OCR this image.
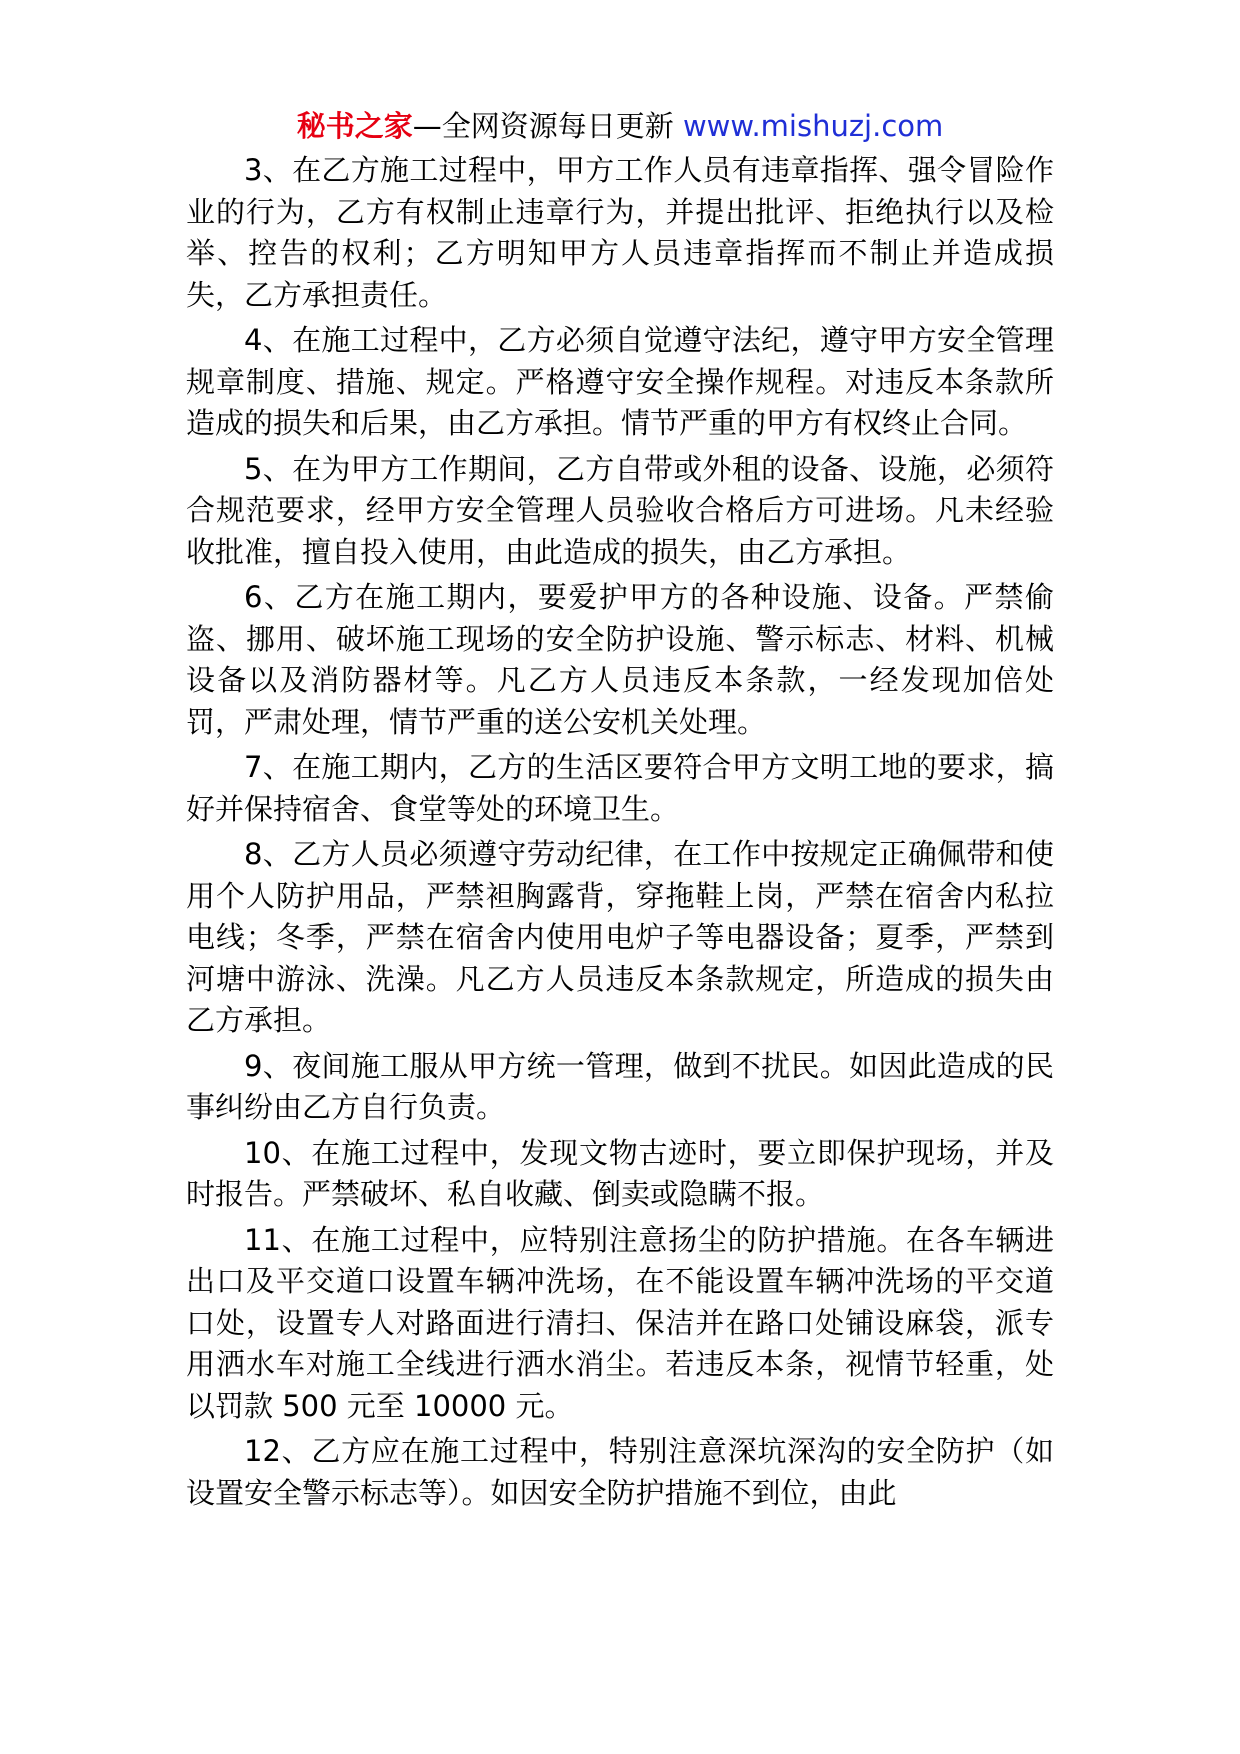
秘书之家—全网资源每日更新 www.mishuzj.com

3、在乙方施工过程中，甲方工作人员有违章指挥、强令冒险作业的行为，乙方有权制止违章行为，并提出批评、拒绝执行以及检举、控告的权利；乙方明知甲方人员违章指挥而不制止并造成损失，乙方承担责任。

4、在施工过程中，乙方必须自觉遵守法纪，遵守甲方安全管理规章制度、措施、规定。严格遵守安全操作规程。对违反本条款所造成的损失和后果，由乙方承担。情节严重的甲方有权终止合同。

5、在为甲方工作期间，乙方自带或外租的设备、设施，必须符合规范要求，经甲方安全管理人员验收合格后方可进场。凡未经验收批准，擅自投入使用，由此造成的损失，由乙方承担。

6、乙方在施工期内，要爱护甲方的各种设施、设备。严禁偷盗、挪用、破坏施工现场的安全防护设施、警示标志、材料、机械设备以及消防器材等。凡乙方人员违反本条款，一经发现加倍处罚，严肃处理，情节严重的送公安机关处理。

7、在施工期内，乙方的生活区要符合甲方文明工地的要求，搞好并保持宿舍、食堂等处的环境卫生。

8、乙方人员必须遵守劳动纪律，在工作中按规定正确佩带和使用个人防护用品，严禁袒胸露背，穿拖鞋上岗，严禁在宿舍内私拉电线；冬季，严禁在宿舍内使用电炉子等电器设备；夏季，严禁到河塘中游泳、洗澡。凡乙方人员违反本条款规定，所造成的损失由乙方承担。

9、夜间施工服从甲方统一管理，做到不扰民。如因此造成的民事纠纷由乙方自行负责。

10、在施工过程中，发现文物古迹时，要立即保护现场，并及时报告。严禁破坏、私自收藏、倒卖或隐瞒不报。

11、在施工过程中，应特别注意扬尘的防护措施。在各车辆进出口及平交道口设置车辆冲洗场，在不能设置车辆冲洗场的平交道口处，设置专人对路面进行清扫、保洁并在路口处铺设麻袋，派专用洒水车对施工全线进行洒水消尘。若违反本条，视情节轻重，处以罚款 500 元至 10000 元。

12、乙方应在施工过程中，特别注意深坑深沟的安全防护（如设置安全警示标志等）。如因安全防护措施不到位，由此
